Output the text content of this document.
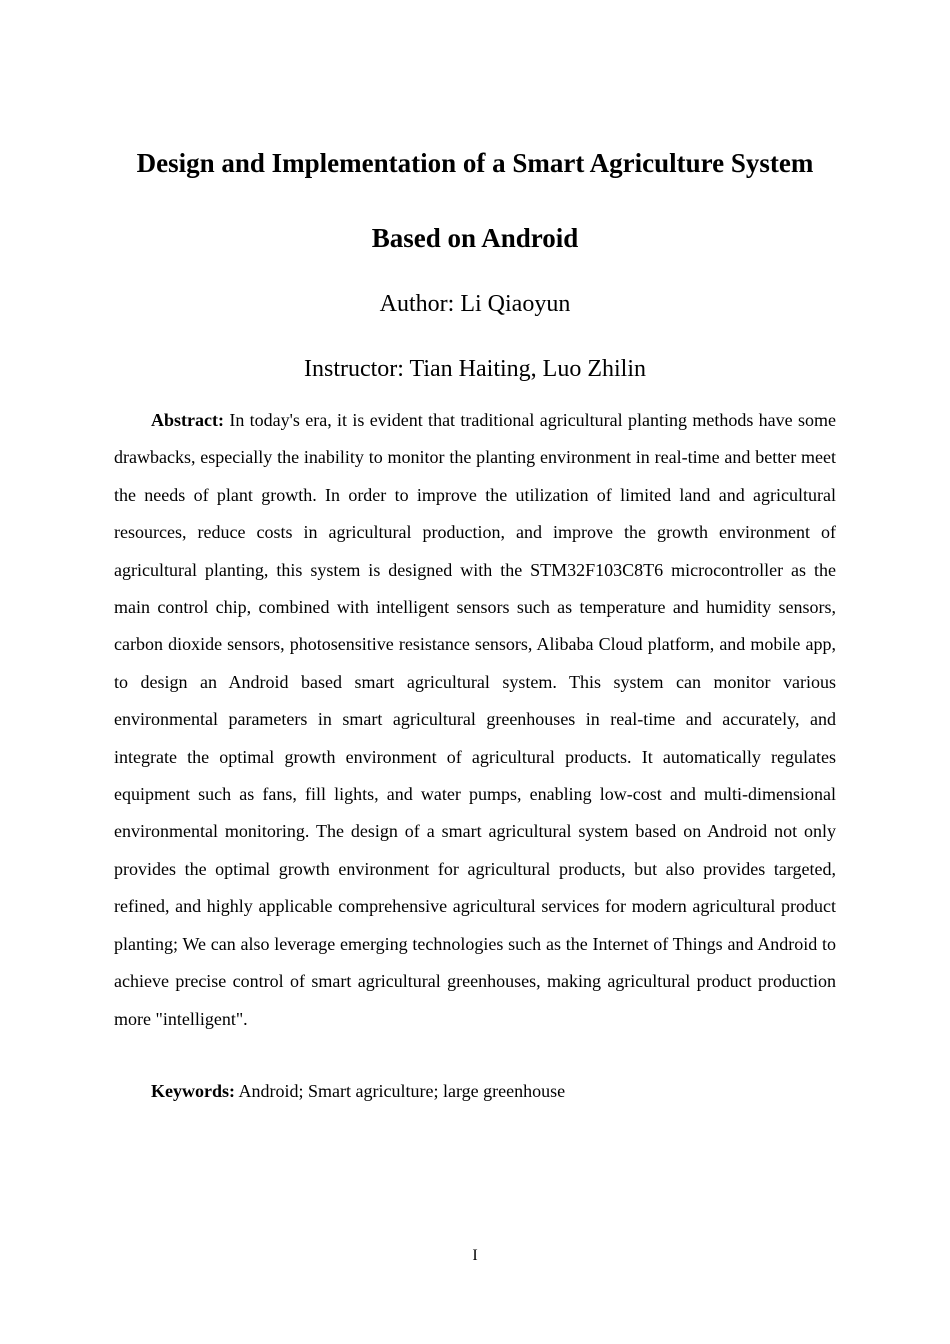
Design and Implementation of a Smart Agriculture System
Based on Android
Author: Li Qiaoyun
Instructor: Tian Haiting, Luo Zhilin

Abstract: In today's era, it is evident that traditional agricultural planting methods have some drawbacks, especially the inability to monitor the planting environment in real-time and better meet the needs of plant growth. In order to improve the utilization of limited land and agricultural resources, reduce costs in agricultural production, and improve the growth environment of agricultural planting, this system is designed with the STM32F103C8T6 microcontroller as the main control chip, combined with intelligent sensors such as temperature and humidity sensors, carbon dioxide sensors, photosensitive resistance sensors, Alibaba Cloud platform, and mobile app, to design an Android based smart agricultural system. This system can monitor various environmental parameters in smart agricultural greenhouses in real-time and accurately, and integrate the optimal growth environment of agricultural products. It automatically regulates equipment such as fans, fill lights, and water pumps, enabling low-cost and multi-dimensional environmental monitoring. The design of a smart agricultural system based on Android not only provides the optimal growth environment for agricultural products, but also provides targeted, refined, and highly applicable comprehensive agricultural services for modern agricultural product planting; We can also leverage emerging technologies such as the Internet of Things and Android to achieve precise control of smart agricultural greenhouses, making agricultural product production more "intelligent".

Keywords: Android; Smart agriculture; large greenhouse

I
